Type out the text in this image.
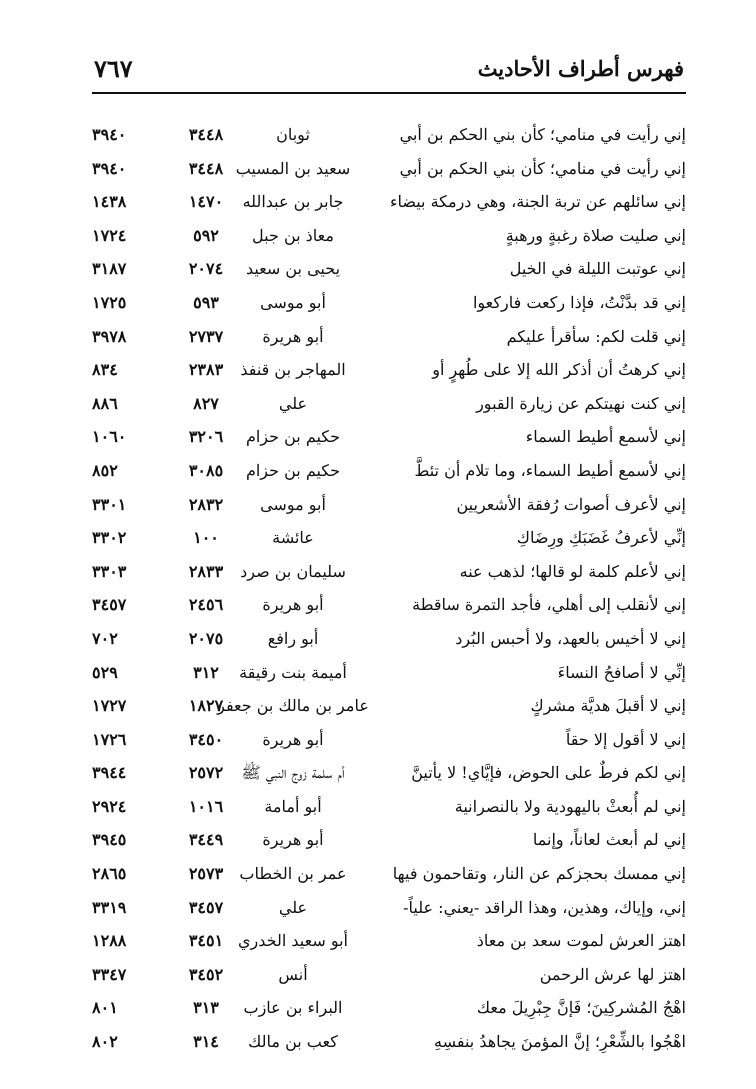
٧٦٧	فهرس أطراف الأحاديث
إني رأيت في منامي؛ كأن بني الحكم بن أبي
ثوبان
٣٤٤٨
٣٩٤٠
إني رأيت في منامي؛ كأن بني الحكم بن أبي
سعيد بن المسيب
٣٤٤٨
٣٩٤٠
إني سائلهم عن تربة الجنة، وهي درمكة بيضاء
جابر بن عبدالله
١٤٧٠
١٤٣٨
إني صليت صلاة رغبةٍ ورهبةٍ
معاذ بن جبل
٥٩٢
١٧٢٤
إني عوتبت الليلة في الخيل
يحيى بن سعيد
٢٠٧٤
٣١٨٧
إني قد بدَّنْتُ، فإذا ركعت فاركعوا
أبو موسى
٥٩٣
١٧٢٥
إني قلت لكم: سأقرأ عليكم
أبو هريرة
٢٧٣٧
٣٩٧٨
إني كرهتُ أن أذكر الله إلا على طُهرٍ أو
المهاجر بن قنفذ
٢٣٨٣
٨٣٤
إني كنت نهيتكم عن زيارة القبور
علي
٨٢٧
٨٨٦
إني لأسمع أطيط السماء
حكيم بن حزام
٣٢٠٦
١٠٦٠
إني لأسمع أطيط السماء، وما تلام أن تئطَّ
حكيم بن حزام
٣٠٨٥
٨٥٢
إني لأعرف أصوات رُفقة الأشعريين
أبو موسى
٢٨٣٢
٣٣٠١
إنِّي لأعرفُ غَضَبَكِ ورِضَاكِ
عائشة
١٠٠
٣٣٠٢
إني لأعلم كلمة لو قالها؛ لذهب عنه
سليمان بن صرد
٢٨٣٣
٣٣٠٣
إني لأنقلب إلى أهلي، فأجد التمرة ساقطة
أبو هريرة
٢٤٥٦
٣٤٥٧
إني لا أخيس بالعهد، ولا أحبس البُرد
أبو رافع
٢٠٧٥
٧٠٢
إنِّي لا أصافحُ النساءَ
أميمة بنت رقيقة
٣١٢
٥٢٩
إني لا أقبلَ هديَّة مشركٍ
عامر بن مالك بن جعفر
١٨٢٧
١٧٢٧
إني لا أقول إلا حقاً
أبو هريرة
٣٤٥٠
١٧٢٦
إني لكم فرطٌ على الحوض، فإيَّاي! لا يأتينَّ
أم سلمة زوج النبي ﷺ
٢٥٧٢
٣٩٤٤
إني لم أُبعثْ باليهودية ولا بالنصرانية
أبو أمامة
١٠١٦
٢٩٢٤
إني لم أبعث لعاناً، وإنما
أبو هريرة
٣٤٤٩
٣٩٤٥
إني ممسك بحجزكم عن النار، وتقاحمون فيها
عمر بن الخطاب
٢٥٧٣
٢٨٦٥
إني، وإياك، وهذين، وهذا الراقد -يعني: علياً-
علي
٣٤٥٧
٣٣١٩
اهتز العرش لموت سعد بن معاذ
أبو سعيد الخدري
٣٤٥١
١٢٨٨
اهتز لها عرش الرحمن
أنس
٣٤٥٢
٣٣٤٧
اهْجُ المُشركِينَ؛ فَإنَّ جِبْرِيلَ معك
البراء بن عازب
٣١٣
٨٠١
اهْجُوا بالشِّعْرِ؛ إنَّ المؤمنَ يجاهدُ بنفسِهِ
كعب بن مالك
٣١٤
٨٠٢
